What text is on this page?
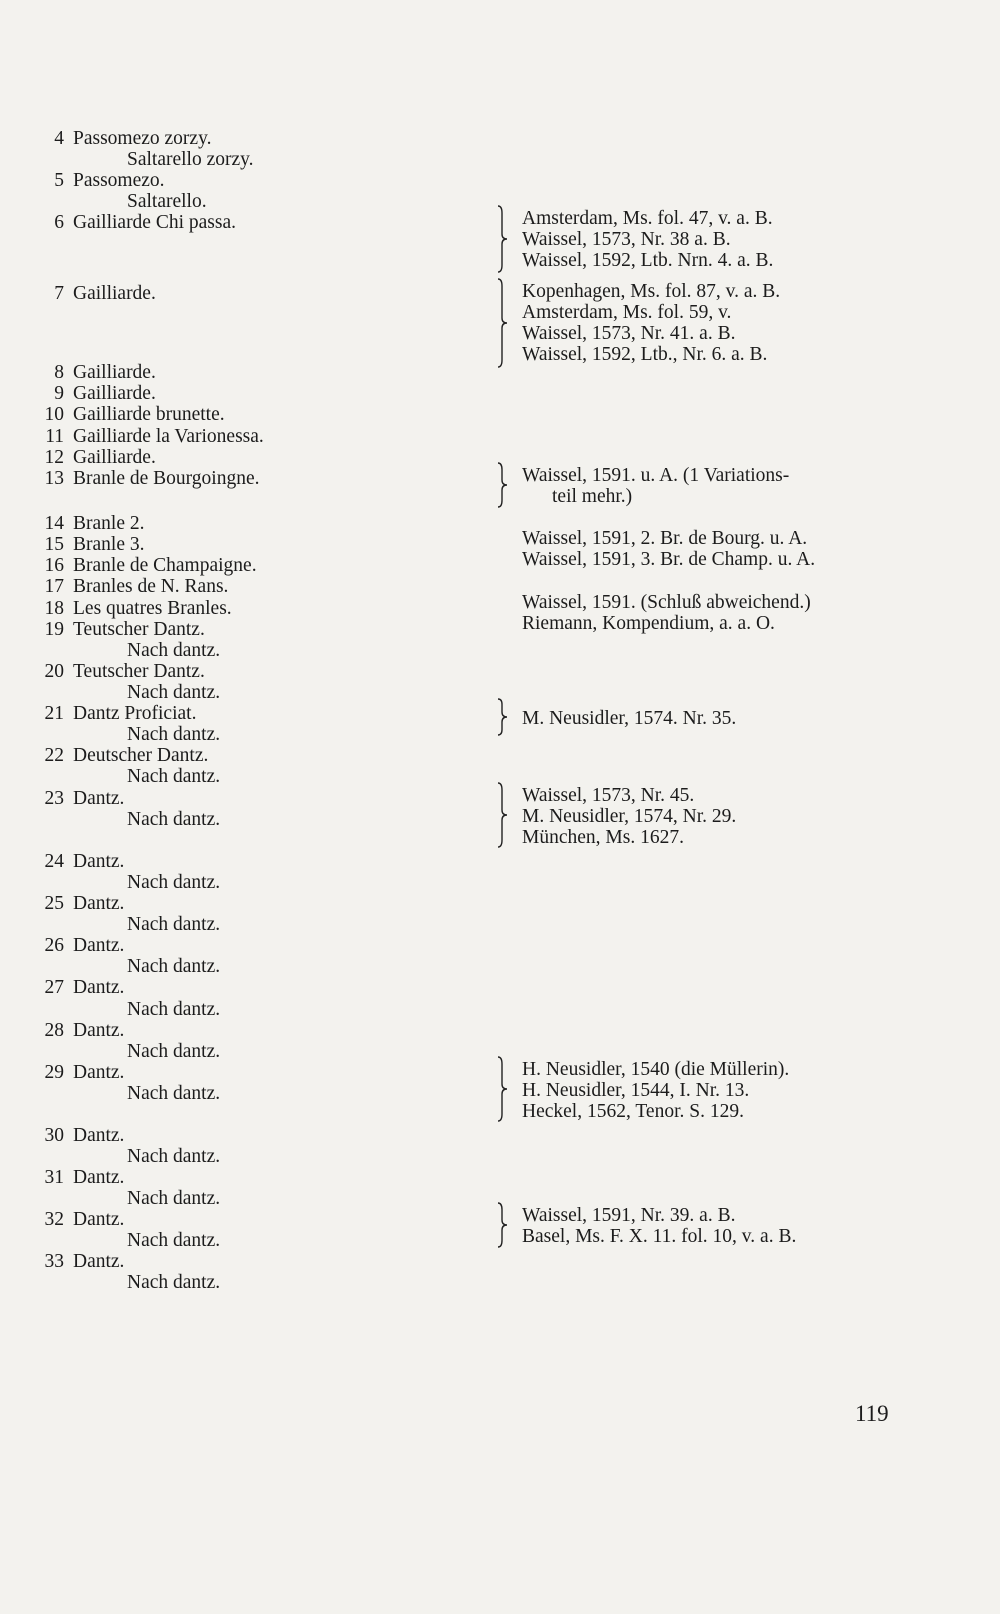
4 Passomezo zorzy.
Saltarello zorzy.
5 Passomezo.
Saltarello.
6 Gailliarde Chi passa.
7 Gailliarde.
8 Gailliarde.
9 Gailliarde.
10 Gailliarde brunette.
11 Gailliarde la Varionessa.
12 Gailliarde.
13 Branle de Bourgoingne.
14 Branle 2.
15 Branle 3.
16 Branle de Champaigne.
17 Branles de N. Rans.
18 Les quatres Branles.
19 Teutscher Dantz.
Nach dantz.
20 Teutscher Dantz.
Nach dantz.
21 Dantz Proficiat.
Nach dantz.
22 Deutscher Dantz.
Nach dantz.
23 Dantz.
Nach dantz.
24 Dantz.
Nach dantz.
25 Dantz.
Nach dantz.
26 Dantz.
Nach dantz.
27 Dantz.
Nach dantz.
28 Dantz.
Nach dantz.
29 Dantz.
Nach dantz.
30 Dantz.
Nach dantz.
31 Dantz.
Nach dantz.
32 Dantz.
Nach dantz.
33 Dantz.
Nach dantz.
Amsterdam, Ms. fol. 47, v. a. B.
Waissel, 1573, Nr. 38 a. B.
Waissel, 1592, Ltb. Nrn. 4. a. B.
Kopenhagen, Ms. fol. 87, v. a. B.
Amsterdam, Ms. fol. 59, v.
Waissel, 1573, Nr. 41. a. B.
Waissel, 1592, Ltb., Nr. 6. a. B.
Waissel, 1591. u. A. (1 Variations-
teil mehr.)
Waissel, 1591, 2. Br. de Bourg. u. A.
Waissel, 1591, 3. Br. de Champ. u. A.
Waissel, 1591. (Schluß abweichend.)
Riemann, Kompendium, a. a. O.
M. Neusidler, 1574. Nr. 35.
Waissel, 1573, Nr. 45.
M. Neusidler, 1574, Nr. 29.
München, Ms. 1627.
H. Neusidler, 1540 (die Müllerin).
H. Neusidler, 1544, I. Nr. 13.
Heckel, 1562, Tenor. S. 129.
Waissel, 1591, Nr. 39. a. B.
Basel, Ms. F. X. 11. fol. 10, v. a. B.
119
